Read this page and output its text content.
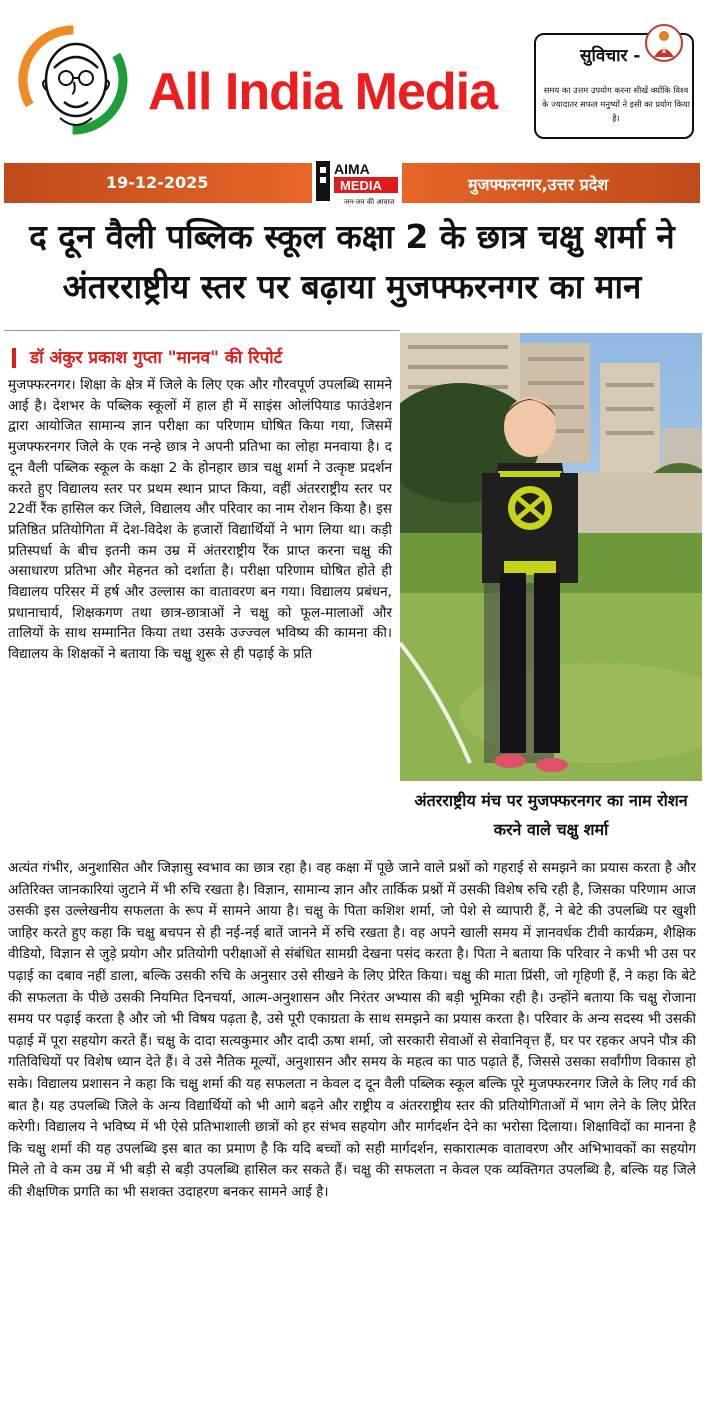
All India Media
सुविचार -
समय का उत्तम उपयोग करना सीखें क्योंकि विश्व के ज्यादातर सफल मनुष्यों ने इसी का प्रयोग किया है।
19-12-2025
AIMA
MEDIA
जन-जन की आवाज
मुजफ्फरनगर,उत्तर प्रदेश
द दून वैली पब्लिक स्कूल कक्षा 2 के छात्र चक्षु शर्मा ने
अंतरराष्ट्रीय स्तर पर बढ़ाया मुजफ्फरनगर का मान
डॉ अंकुर प्रकाश गुप्ता "मानव" की रिपोर्ट
अंतरराष्ट्रीय मंच पर मुजफ्फरनगर का नाम रोशन करने वाले चक्षु शर्मा
मुजफ्फरनगर। शिक्षा के क्षेत्र में जिले के लिए एक और गौरवपूर्ण उपलब्धि सामने आई है। देशभर के पब्लिक स्कूलों में हाल ही में साइंस ओलंपियाड फाउंडेशन द्वारा आयोजित सामान्य ज्ञान परीक्षा का परिणाम घोषित किया गया, जिसमें मुजफ्फरनगर जिले के एक नन्हे छात्र ने अपनी प्रतिभा का लोहा मनवाया है। द दून वैली पब्लिक स्कूल के कक्षा 2 के होनहार छात्र चक्षु शर्मा ने उत्कृष्ट प्रदर्शन करते हुए विद्यालय स्तर पर प्रथम स्थान प्राप्त किया, वहीं अंतरराष्ट्रीय स्तर पर 22वीं रैंक हासिल कर जिले, विद्यालय और परिवार का नाम रोशन किया है। इस प्रतिष्ठित प्रतियोगिता में देश-विदेश के हजारों विद्यार्थियों ने भाग लिया था। कड़ी प्रतिस्पर्धा के बीच इतनी कम उम्र में अंतरराष्ट्रीय रैंक प्राप्त करना चक्षु की असाधारण प्रतिभा और मेहनत को दर्शाता है। परीक्षा परिणाम घोषित होते ही विद्यालय परिसर में हर्ष और उल्लास का वातावरण बन गया। विद्यालय प्रबंधन, प्रधानाचार्य, शिक्षकगण तथा छात्र-छात्राओं ने चक्षु को फूल-मालाओं और तालियों के साथ सम्मानित किया तथा उसके उज्ज्वल भविष्य की कामना की। विद्यालय के शिक्षकों ने बताया कि चक्षु शुरू से ही पढ़ाई के प्रति
अत्यंत गंभीर, अनुशासित और जिज्ञासु स्वभाव का छात्र रहा है। वह कक्षा में पूछे जाने वाले प्रश्नों को गहराई से समझने का प्रयास करता है और अतिरिक्त जानकारियां जुटाने में भी रुचि रखता है। विज्ञान, सामान्य ज्ञान और तार्किक प्रश्नों में उसकी विशेष रुचि रही है, जिसका परिणाम आज उसकी इस उल्लेखनीय सफलता के रूप में सामने आया है। चक्षु के पिता कशिश शर्मा, जो पेशे से व्यापारी हैं, ने बेटे की उपलब्धि पर खुशी जाहिर करते हुए कहा कि चक्षु बचपन से ही नई-नई बातें जानने में रुचि रखता है। वह अपने खाली समय में ज्ञानवर्धक टीवी कार्यक्रम, शैक्षिक वीडियो, विज्ञान से जुड़े प्रयोग और प्रतियोगी परीक्षाओं से संबंधित सामग्री देखना पसंद करता है। पिता ने बताया कि परिवार ने कभी भी उस पर पढ़ाई का दबाव नहीं डाला, बल्कि उसकी रुचि के अनुसार उसे सीखने के लिए प्रेरित किया। चक्षु की माता प्रिंसी, जो गृहिणी हैं, ने कहा कि बेटे की सफलता के पीछे उसकी नियमित दिनचर्या, आत्म-अनुशासन और निरंतर अभ्यास की बड़ी भूमिका रही है। उन्होंने बताया कि चक्षु रोजाना समय पर पढ़ाई करता है और जो भी विषय पढ़ता है, उसे पूरी एकाग्रता के साथ समझने का प्रयास करता है। परिवार के अन्य सदस्य भी उसकी पढ़ाई में पूरा सहयोग करते हैं। चक्षु के दादा सत्यकुमार और दादी ऊषा शर्मा, जो सरकारी सेवाओं से सेवानिवृत्त हैं, घर पर रहकर अपने पौत्र की गतिविधियों पर विशेष ध्यान देते हैं। वे उसे नैतिक मूल्यों, अनुशासन और समय के महत्व का पाठ पढ़ाते हैं, जिससे उसका सर्वांगीण विकास हो सके। विद्यालय प्रशासन ने कहा कि चक्षु शर्मा की यह सफलता न केवल द दून वैली पब्लिक स्कूल बल्कि पूरे मुजफ्फरनगर जिले के लिए गर्व की बात है। यह उपलब्धि जिले के अन्य विद्यार्थियों को भी आगे बढ़ने और राष्ट्रीय व अंतरराष्ट्रीय स्तर की प्रतियोगिताओं में भाग लेने के लिए प्रेरित करेगी। विद्यालय ने भविष्य में भी ऐसे प्रतिभाशाली छात्रों को हर संभव सहयोग और मार्गदर्शन देने का भरोसा दिलाया। शिक्षाविदों का मानना है कि चक्षु शर्मा की यह उपलब्धि इस बात का प्रमाण है कि यदि बच्चों को सही मार्गदर्शन, सकारात्मक वातावरण और अभिभावकों का सहयोग मिले तो वे कम उम्र में भी बड़ी से बड़ी उपलब्धि हासिल कर सकते हैं। चक्षु की सफलता न केवल एक व्यक्तिगत उपलब्धि है, बल्कि यह जिले की शैक्षणिक प्रगति का भी सशक्त उदाहरण बनकर सामने आई है।
